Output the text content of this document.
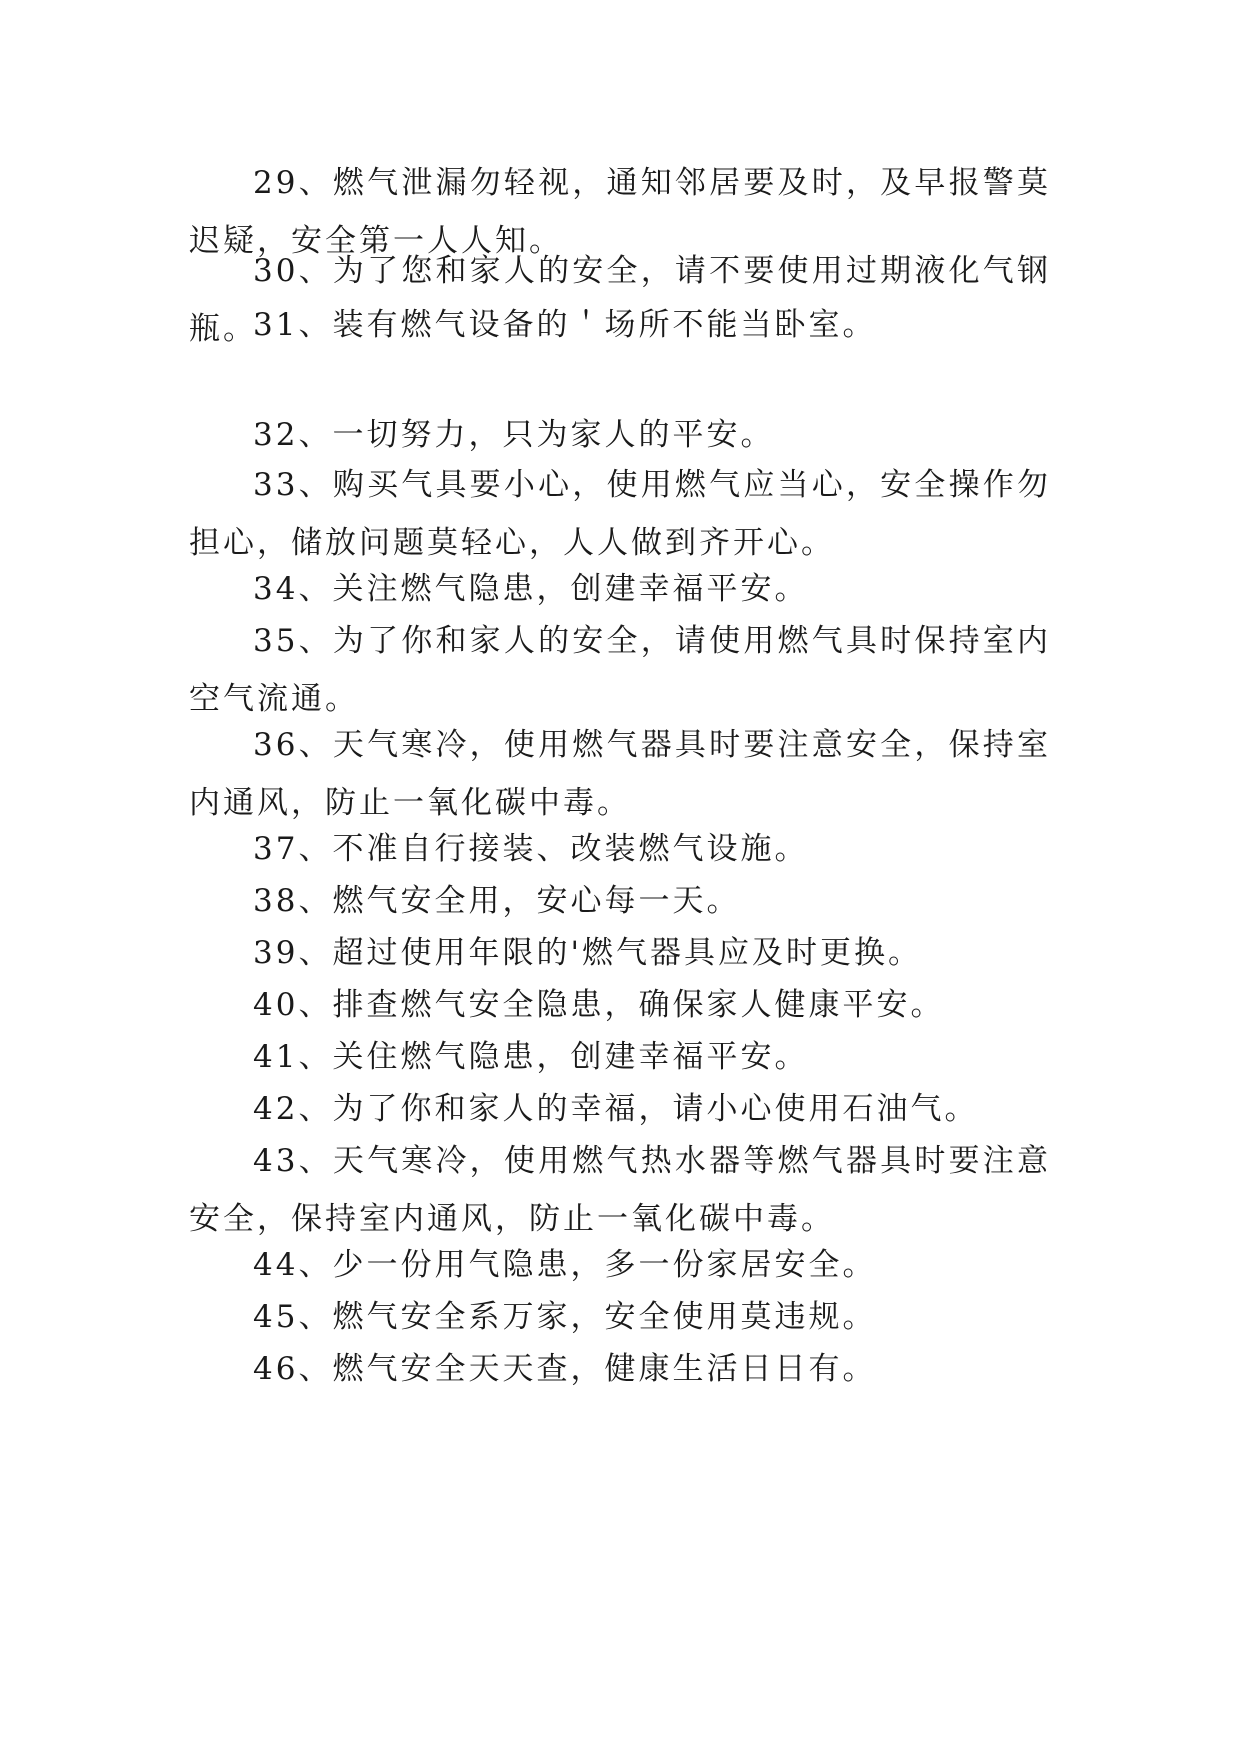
29、燃气泄漏勿轻视，通知邻居要及时，及早报警莫迟疑，安全第一人人知。

30、为了您和家人的安全，请不要使用过期液化气钢瓶。

31、装有燃气设备的＇场所不能当卧室。

32、一切努力，只为家人的平安。

33、购买气具要小心，使用燃气应当心，安全操作勿担心，储放问题莫轻心，人人做到齐开心。

34、关注燃气隐患，创建幸福平安。

35、为了你和家人的安全，请使用燃气具时保持室内空气流通。

36、天气寒冷，使用燃气器具时要注意安全，保持室内通风，防止一氧化碳中毒。

37、不准自行接装、改装燃气设施。

38、燃气安全用，安心每一天。

39、超过使用年限的'燃气器具应及时更换。

40、排查燃气安全隐患，确保家人健康平安。

41、关住燃气隐患，创建幸福平安。

42、为了你和家人的幸福，请小心使用石油气。

43、天气寒冷，使用燃气热水器等燃气器具时要注意安全，保持室内通风，防止一氧化碳中毒。

44、少一份用气隐患，多一份家居安全。

45、燃气安全系万家，安全使用莫违规。

46、燃气安全天天查，健康生活日日有。
